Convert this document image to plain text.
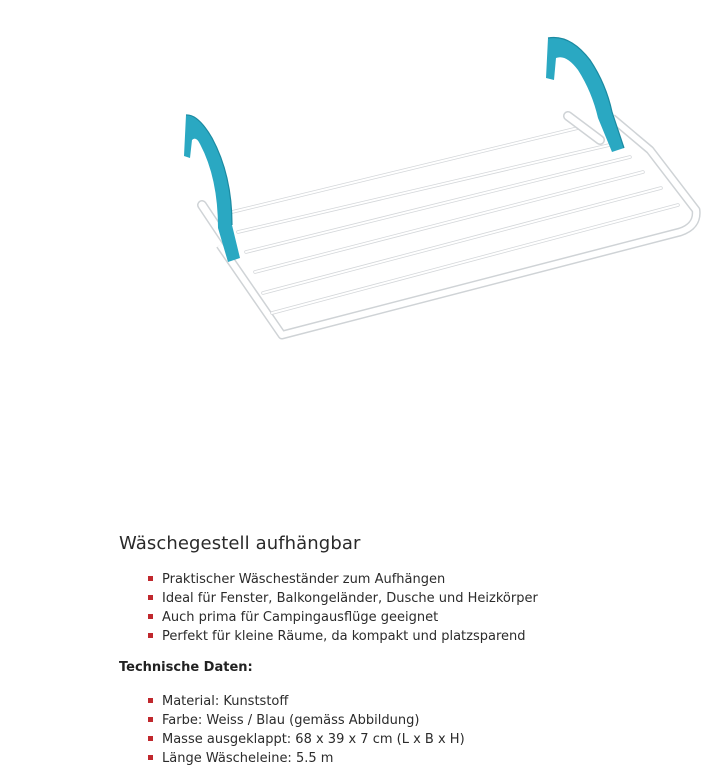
Wäschegestell aufhängbar
Praktischer Wäscheständer zum Aufhängen
Ideal für Fenster, Balkongeländer, Dusche und Heizkörper
Auch prima für Campingausflüge geeignet
Perfekt für kleine Räume, da kompakt und platzsparend
Technische Daten:
Material: Kunststoff
Farbe: Weiss / Blau (gemäss Abbildung)
Masse ausgeklappt: 68 x 39 x 7 cm (L x B x H)
Länge Wäscheleine: 5.5 m
